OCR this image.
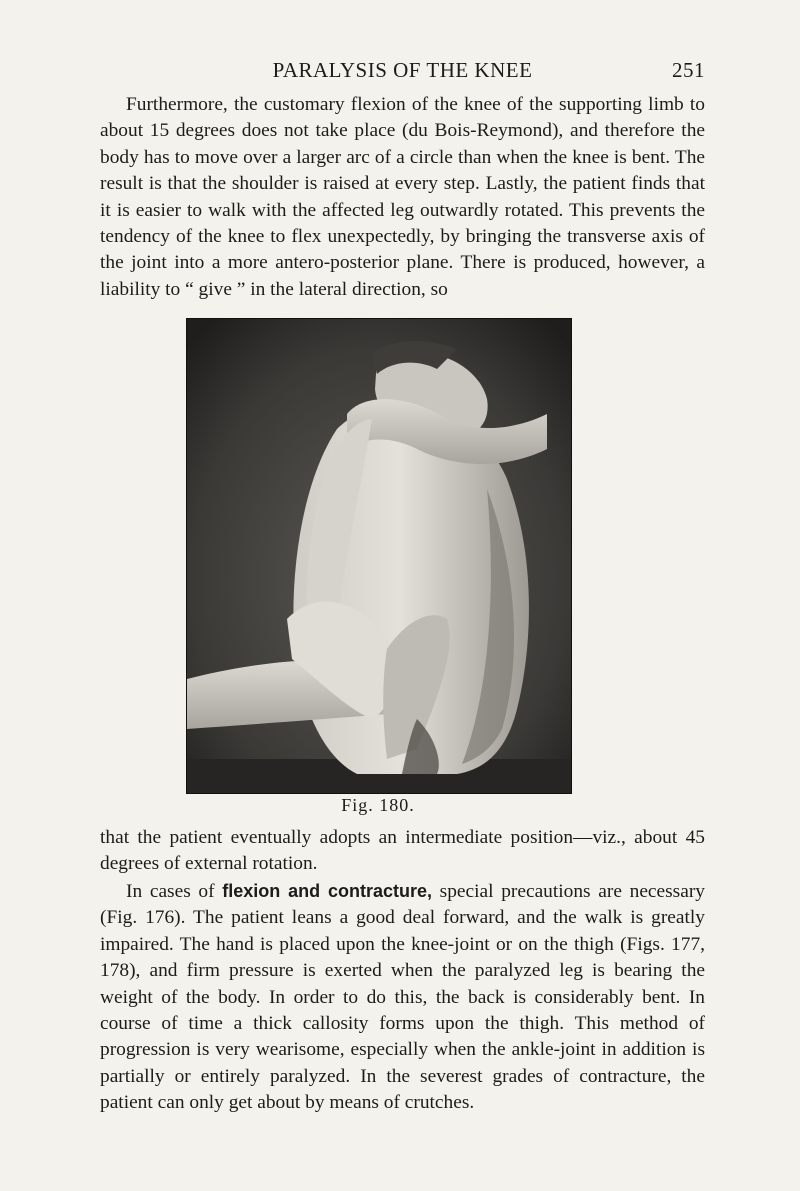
PARALYSIS OF THE KNEE	251

Furthermore, the customary flexion of the knee of the supporting limb to about 15 degrees does not take place (du Bois-Reymond), and therefore the body has to move over a larger arc of a circle than when the knee is bent. The result is that the shoulder is raised at every step. Lastly, the patient finds that it is easier to walk with the affected leg outwardly rotated. This prevents the tendency of the knee to flex unexpectedly, by bringing the transverse axis of the joint into a more antero-posterior plane. There is produced, however, a liability to “ give ” in the lateral direction, so

Fig. 180.

that the patient eventually adopts an intermediate position—viz., about 45 degrees of external rotation.

In cases of flexion and contracture, special precautions are necessary (Fig. 176). The patient leans a good deal forward, and the walk is greatly impaired. The hand is placed upon the knee-joint or on the thigh (Figs. 177, 178), and firm pressure is exerted when the paralyzed leg is bearing the weight of the body. In order to do this, the back is considerably bent. In course of time a thick callosity forms upon the thigh. This method of progression is very wearisome, especially when the ankle-joint in addition is partially or entirely paralyzed. In the severest grades of contracture, the patient can only get about by means of crutches.
